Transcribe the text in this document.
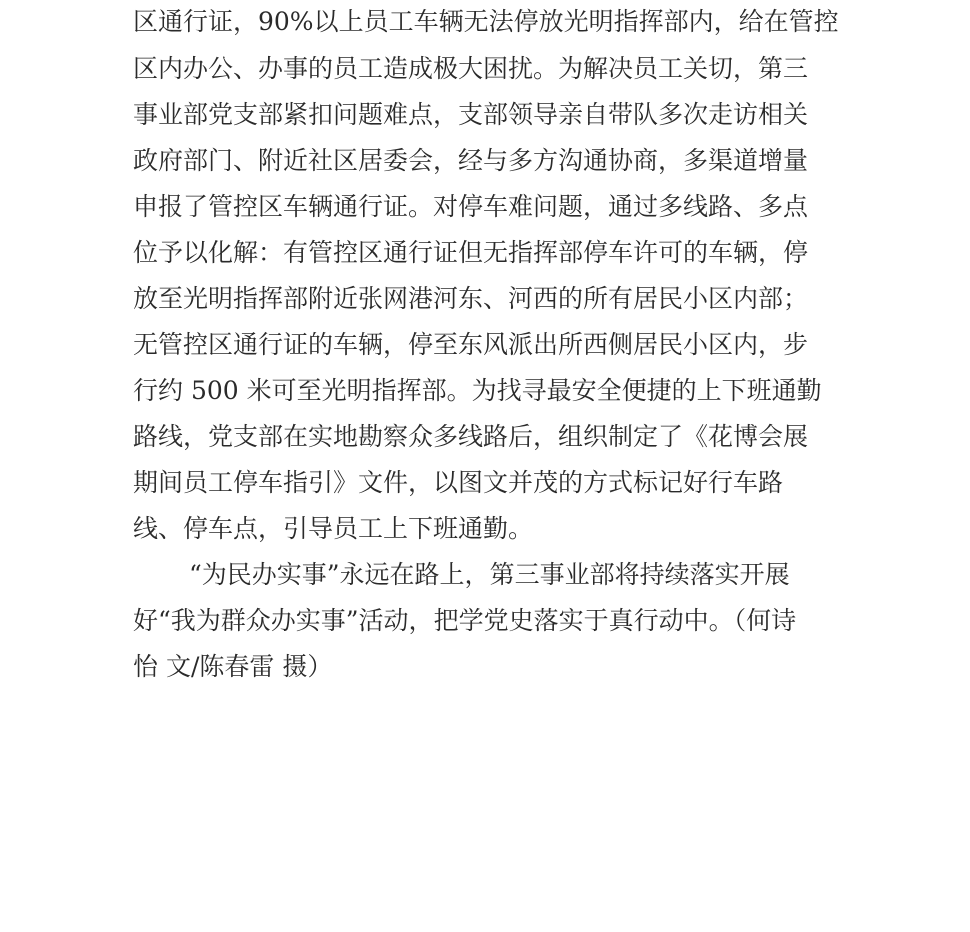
区通行证，90%以上员工车辆无法停放光明指挥部内，给在管控
区内办公、办事的员工造成极大困扰。为解决员工关切，第三
事业部党支部紧扣问题难点，支部领导亲自带队多次走访相关
政府部门、附近社区居委会，经与多方沟通协商，多渠道增量
申报了管控区车辆通行证。对停车难问题，通过多线路、多点
位予以化解：有管控区通行证但无指挥部停车许可的车辆，停
放至光明指挥部附近张网港河东、河西的所有居民小区内部；
无管控区通行证的车辆，停至东风派出所西侧居民小区内，步
行约 500 米可至光明指挥部。为找寻最安全便捷的上下班通勤
路线，党支部在实地勘察众多线路后，组织制定了《花博会展
期间员工停车指引》文件，以图文并茂的方式标记好行车路
线、停车点，引导员工上下班通勤。
“为民办实事”永远在路上，第三事业部将持续落实开展
好“我为群众办实事”活动，把学党史落实于真行动中。（何诗
怡 文/陈春雷 摄）
